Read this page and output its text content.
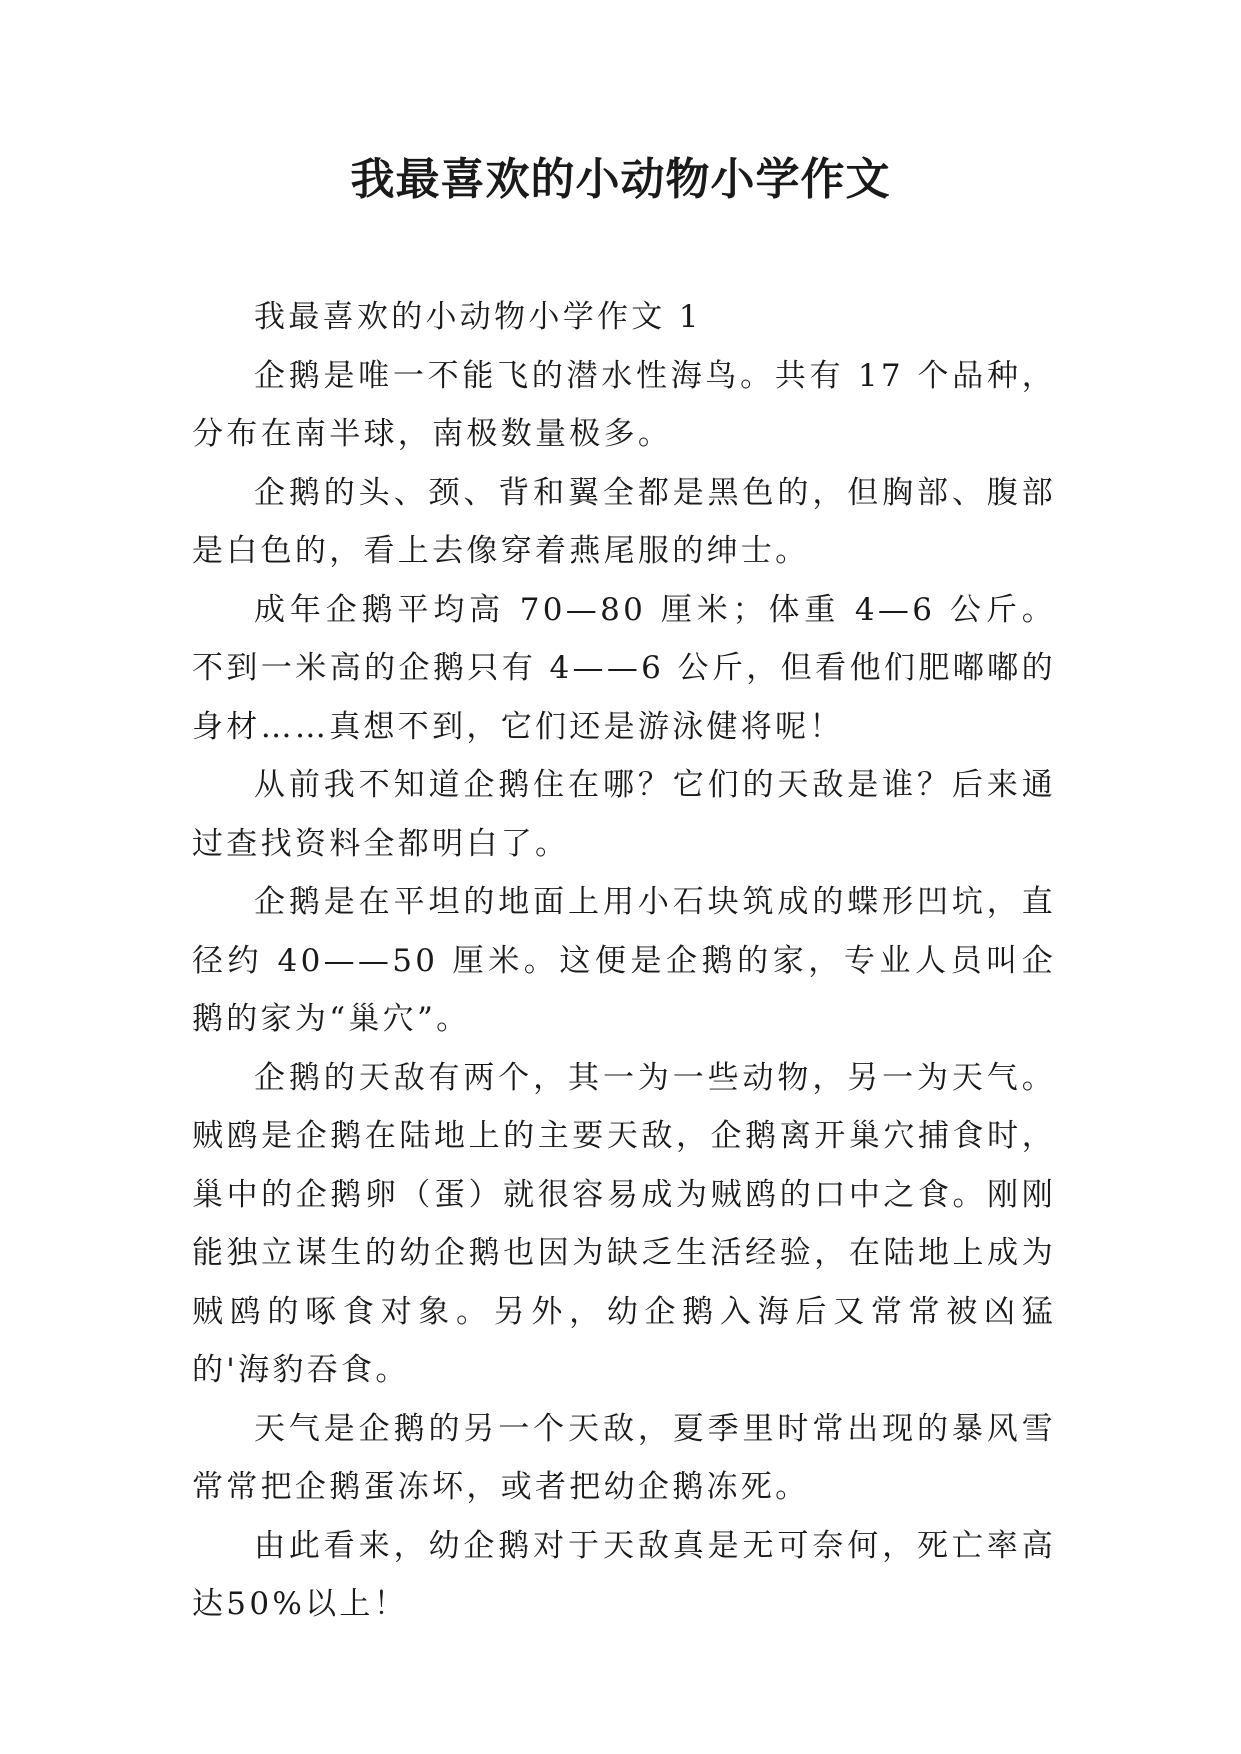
我最喜欢的小动物小学作文

我最喜欢的小动物小学作文 1

企鹅是唯一不能飞的潜水性海鸟。共有 17 个品种，分布在南半球，南极数量极多。

企鹅的头、颈、背和翼全都是黑色的，但胸部、腹部是白色的，看上去像穿着燕尾服的绅士。

成年企鹅平均高 70—80 厘米；体重 4—6 公斤。不到一米高的企鹅只有 4——6 公斤，但看他们肥嘟嘟的身材……真想不到，它们还是游泳健将呢！

从前我不知道企鹅住在哪？它们的天敌是谁？后来通过查找资料全都明白了。

企鹅是在平坦的地面上用小石块筑成的蝶形凹坑，直径约 40——50 厘米。这便是企鹅的家，专业人员叫企鹅的家为“巢穴”。

企鹅的天敌有两个，其一为一些动物，另一为天气。贼鸥是企鹅在陆地上的主要天敌，企鹅离开巢穴捕食时，巢中的企鹅卵（蛋）就很容易成为贼鸥的口中之食。刚刚能独立谋生的幼企鹅也因为缺乏生活经验，在陆地上成为贼鸥的啄食对象。另外，幼企鹅入海后又常常被凶猛的'海豹吞食。

天气是企鹅的另一个天敌，夏季里时常出现的暴风雪常常把企鹅蛋冻坏，或者把幼企鹅冻死。

由此看来，幼企鹅对于天敌真是无可奈何，死亡率高达50%以上！
